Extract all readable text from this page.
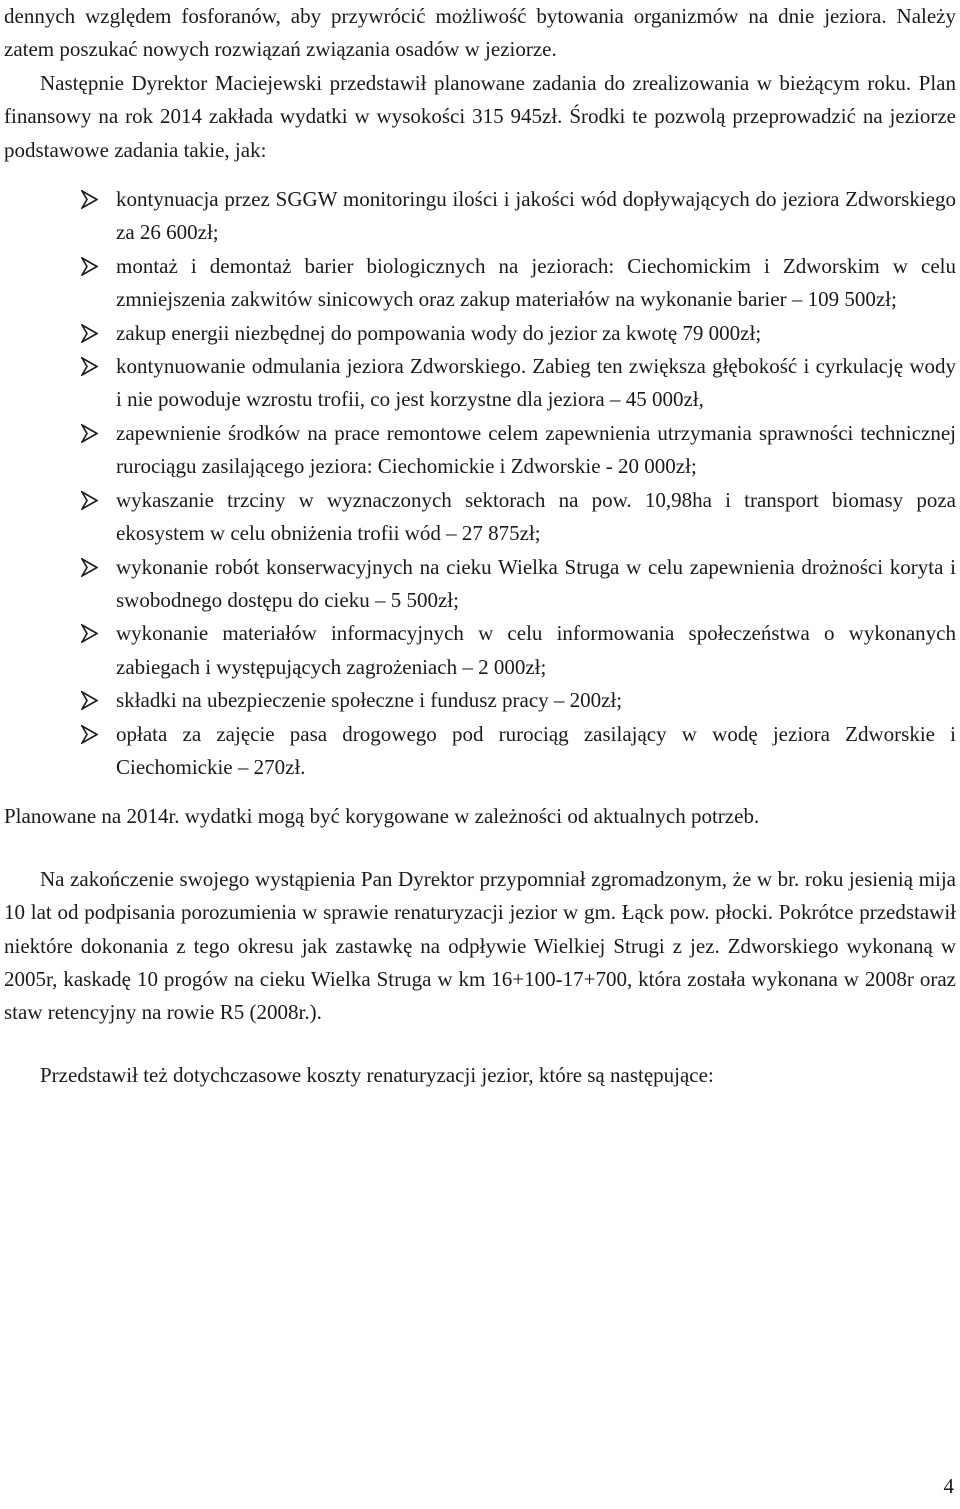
dennych względem fosforanów, aby przywrócić możliwość bytowania organizmów na dnie jeziora. Należy zatem poszukać nowych rozwiązań związania osadów w jeziorze.

Następnie Dyrektor Maciejewski przedstawił planowane zadania do zrealizowania w bieżącym roku. Plan finansowy na rok 2014 zakłada wydatki w wysokości 315 945zł. Środki te pozwolą przeprowadzić na jeziorze podstawowe zadania takie, jak:

kontynuacja przez SGGW monitoringu ilości i jakości wód dopływających do jeziora Zdworskiego za 26 600zł;
montaż i demontaż barier biologicznych na jeziorach: Ciechomickim i Zdworskim w celu zmniejszenia zakwitów sinicowych oraz zakup materiałów na wykonanie barier – 109 500zł;
zakup energii niezbędnej do pompowania wody do jezior za kwotę 79 000zł;
kontynuowanie odmulania jeziora Zdworskiego. Zabieg ten zwiększa głębokość i cyrkulację wody i nie powoduje wzrostu trofii, co jest korzystne dla jeziora – 45 000zł,
zapewnienie środków na prace remontowe celem zapewnienia utrzymania sprawności technicznej rurociągu zasilającego jeziora: Ciechomickie i Zdworskie - 20 000zł;
wykaszanie trzciny w wyznaczonych sektorach na pow. 10,98ha i transport biomasy poza ekosystem w celu obniżenia trofii wód – 27 875zł;
wykonanie robót konserwacyjnych na cieku Wielka Struga w celu zapewnienia drożności koryta i swobodnego dostępu do cieku – 5 500zł;
wykonanie materiałów informacyjnych w celu informowania społeczeństwa o wykonanych zabiegach i występujących zagrożeniach – 2 000zł;
składki na ubezpieczenie społeczne i fundusz pracy – 200zł;
opłata za zajęcie pasa drogowego pod rurociąg zasilający w wodę jeziora Zdworskie i Ciechomickie – 270zł.

Planowane na 2014r. wydatki mogą być korygowane w zależności od aktualnych potrzeb.

Na zakończenie swojego wystąpienia Pan Dyrektor przypomniał zgromadzonym, że w br. roku jesienią mija 10 lat od podpisania porozumienia w sprawie renaturyzacji jezior w gm. Łąck pow. płocki. Pokrótce przedstawił niektóre dokonania z tego okresu jak zastawkę na odpływie Wielkiej Strugi z jez. Zdworskiego wykonaną w 2005r, kaskadę 10 progów na cieku Wielka Struga w km 16+100-17+700, która została wykonana w 2008r oraz staw retencyjny na rowie R5 (2008r.).

Przedstawił też dotychczasowe koszty renaturyzacji jezior, które są następujące:

4
